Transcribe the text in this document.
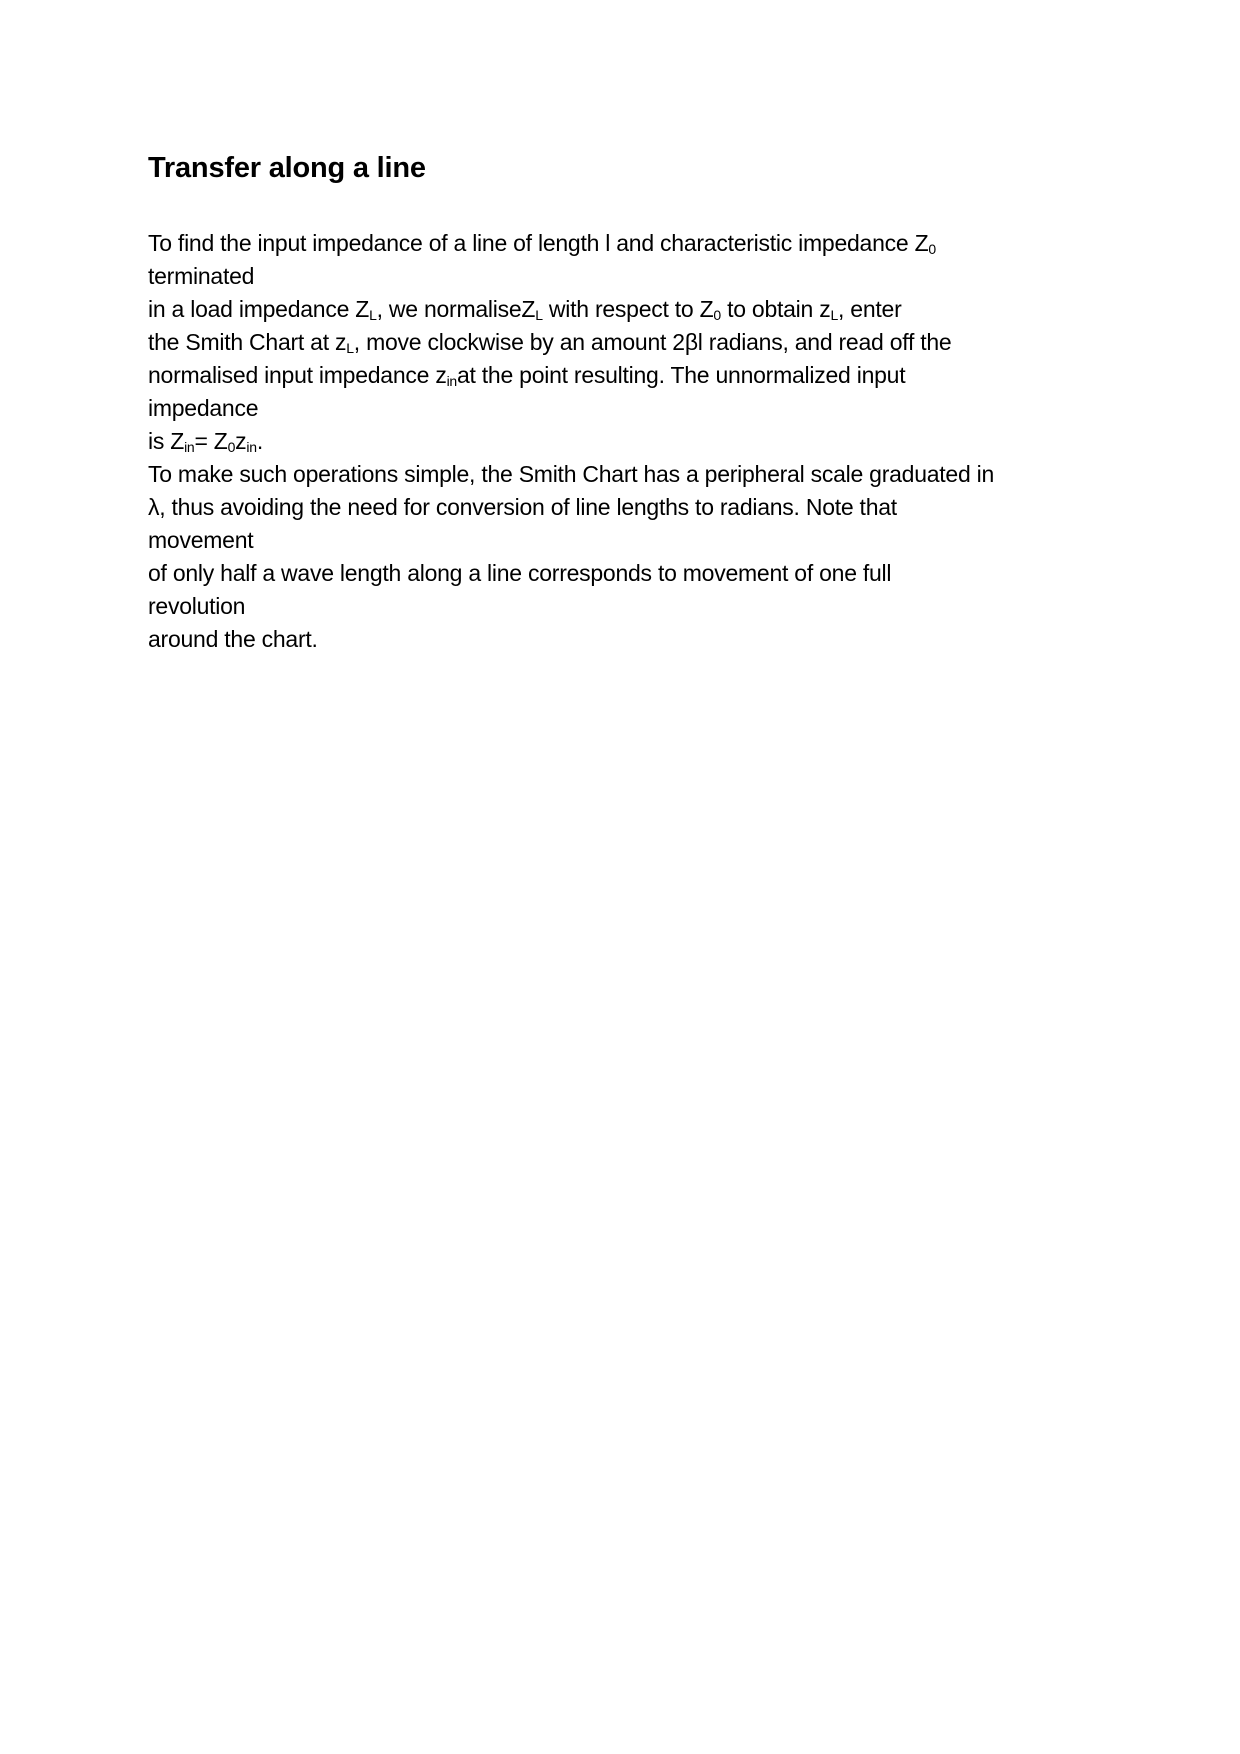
Transfer along a line
To find the input impedance of a line of length l and characteristic impedance Z0
terminated
in a load impedance ZL, we normaliseZL with respect to Z0 to obtain zL, enter
the Smith Chart at zL, move clockwise by an amount 2βl radians, and read off the
normalised input impedance zinat the point resulting. The unnormalized input
impedance
is Zin= Z0zin.
To make such operations simple, the Smith Chart has a peripheral scale graduated in
λ, thus avoiding the need for conversion of line lengths to radians. Note that
movement
of only half a wave length along a line corresponds to movement of one full
revolution
around the chart.
